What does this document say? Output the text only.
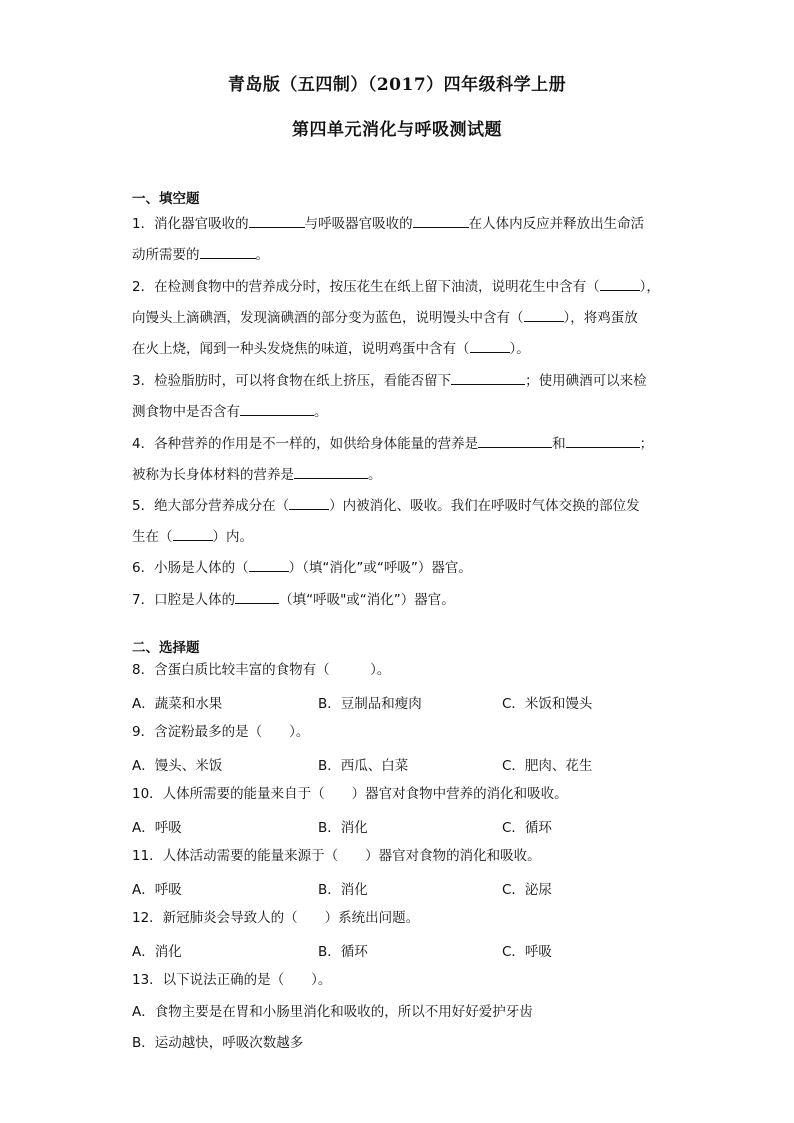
青岛版（五四制）（2017）四年级科学上册
第四单元消化与呼吸测试题
一、填空题
1．消化器官吸收的	与呼吸器官吸收的	在人体内反应并释放出生命活
动所需要的	。
2．在检测食物中的营养成分时，按压花生在纸上留下油渍，说明花生中含有（	），
向馒头上滴碘酒，发现滴碘酒的部分变为蓝色，说明馒头中含有（	），将鸡蛋放
在火上烧，闻到一种头发烧焦的味道，说明鸡蛋中含有（	）。
3．检验脂肪时，可以将食物在纸上挤压，看能否留下	；使用碘酒可以来检
测食物中是否含有	。
4．各种营养的作用是不一样的，如供给身体能量的营养是	和	；
被称为长身体材料的营养是	。
5．绝大部分营养成分在（	）内被消化、吸收。我们在呼吸时气体交换的部位发
生在（	）内。
6．小肠是人体的（	）（填“消化”或“呼吸”）器官。
7．口腔是人体的	（填“呼吸"或“消化”）器官。
二、选择题
8．含蛋白质比较丰富的食物有（　　　）。
A．蔬菜和水果	B．豆制品和瘦肉	C．米饭和馒头
9．含淀粉最多的是（　　）。
A．馒头、米饭	B．西瓜、白菜	C．肥肉、花生
10．人体所需要的能量来自于（　　）器官对食物中营养的消化和吸收。
A．呼吸	B．消化	C．循环
11．人体活动需要的能量来源于（　　）器官对食物的消化和吸收。
A．呼吸	B．消化	C．泌尿
12．新冠肺炎会导致人的（　　）系统出问题。
A．消化	B．循环	C．呼吸
13．以下说法正确的是（　　）。
A．食物主要是在胃和小肠里消化和吸收的，所以不用好好爱护牙齿
B．运动越快，呼吸次数越多
